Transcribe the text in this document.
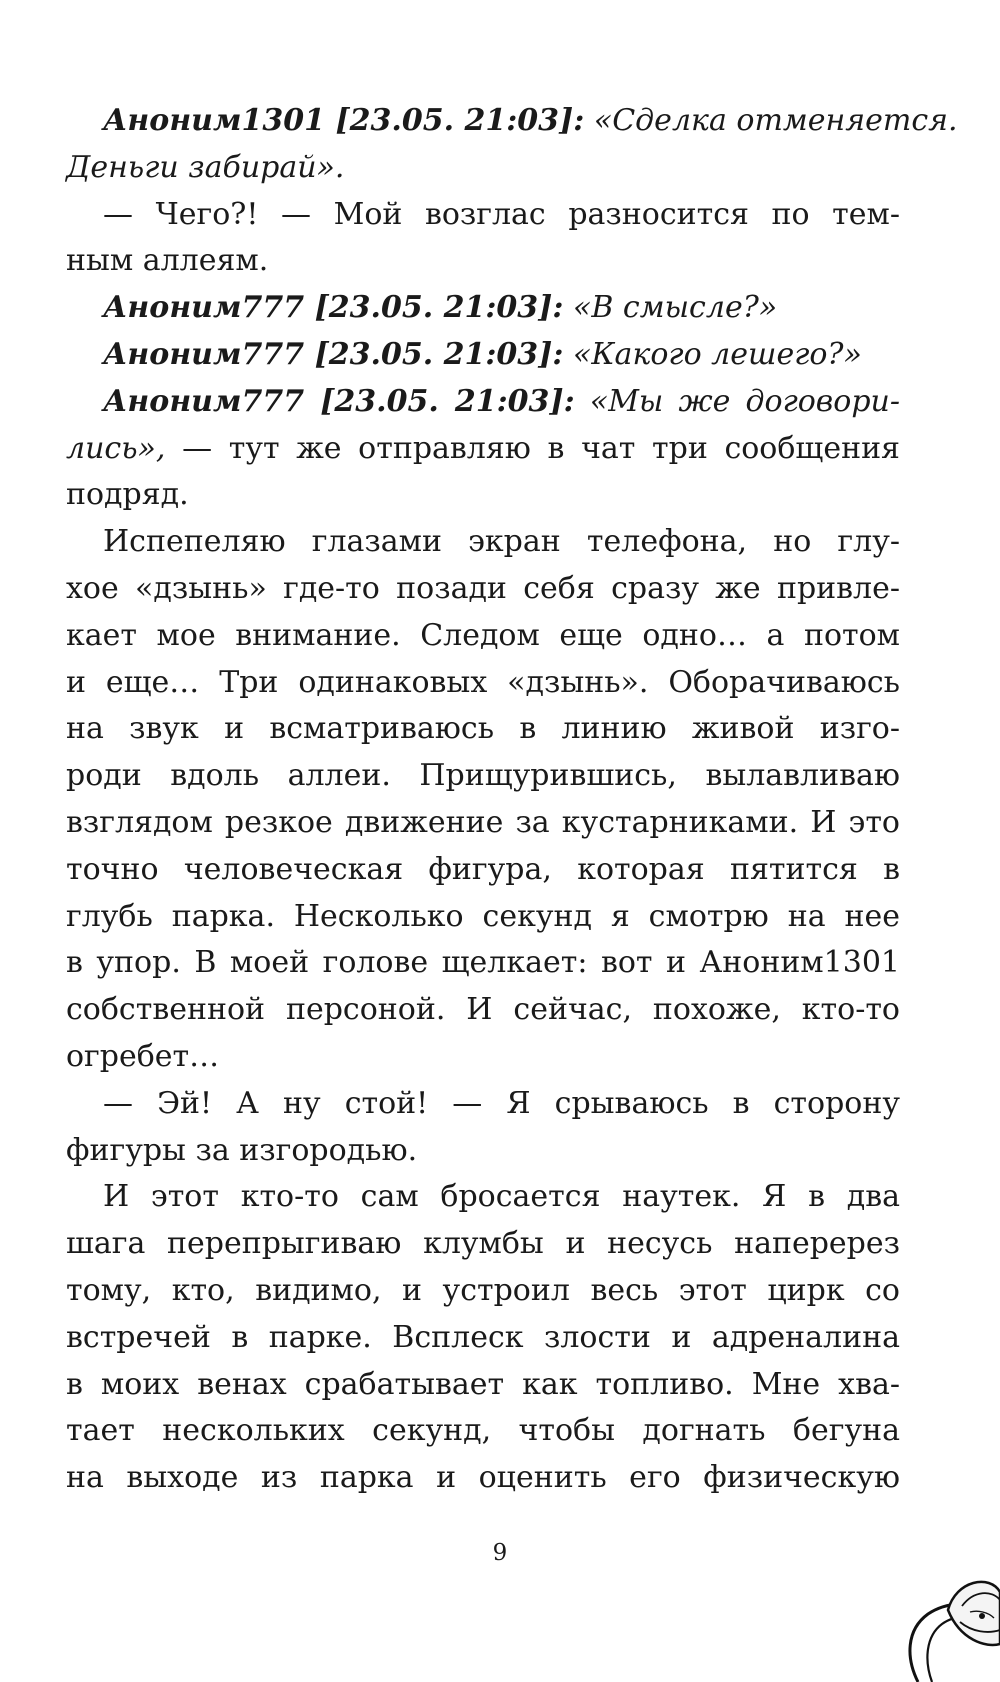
Аноним1301 [23.05. 21:03]: «Сделка отменяется.
Деньги забирай».
— Чего?! — Мой возглас разносится по тем-
ным аллеям.
Аноним777 [23.05. 21:03]: «В смысле?»
Аноним777 [23.05. 21:03]: «Какого лешего?»
Аноним777 [23.05. 21:03]: «Мы же договори-
лись», — тут же отправляю в чат три сообщения
подряд.
Испепеляю глазами экран телефона, но глу-
хое «дзынь» где-то позади себя сразу же привле-
кает мое внимание. Следом еще одно… а потом
и еще… Три одинаковых «дзынь». Оборачиваюсь
на звук и всматриваюсь в линию живой изго-
роди вдоль аллеи. Прищурившись, вылавливаю
взглядом резкое движение за кустарниками. И это
точно человеческая фигура, которая пятится в
глубь парка. Несколько секунд я смотрю на нее
в упор. В моей голове щелкает: вот и Аноним1301
собственной персоной. И сейчас, похоже, кто-то
огребет…
— Эй! А ну стой! — Я срываюсь в сторону
фигуры за изгородью.
И этот кто-то сам бросается наутек. Я в два
шага перепрыгиваю клумбы и несусь наперерез
тому, кто, видимо, и устроил весь этот цирк со
встречей в парке. Всплеск злости и адреналина
в моих венах срабатывает как топливо. Мне хва-
тает нескольких секунд, чтобы догнать бегуна
на выходе из парка и оценить его физическую
9
